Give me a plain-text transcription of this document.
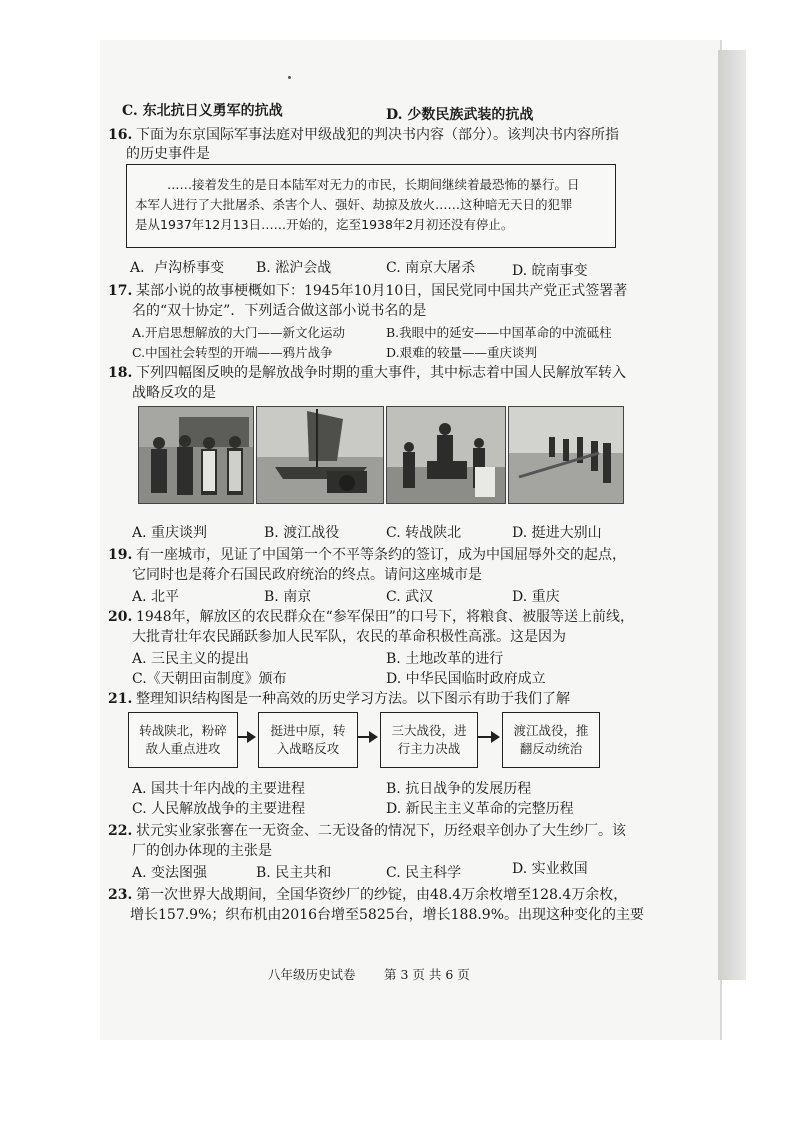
C. 东北抗日义勇军的抗战	D. 少数民族武装的抗战
16. 下面为东京国际军事法庭对甲级战犯的判决书内容（部分）。该判决书内容所指
的历史事件是
……接着发生的是日本陆军对无力的市民，长期间继续着最恐怖的暴行。日
本军人进行了大批屠杀、杀害个人、强奸、劫掠及放火……这种暗无天日的犯罪
是从1937年12月13日……开始的，迄至1938年2月初还没有停止。
A．卢沟桥事变 B. 淞沪会战	C. 南京大屠杀	D. 皖南事变
17. 某部小说的故事梗概如下：1945年10月10日，国民党同中国共产党正式签署著
名的“双十协定”．下列适合做这部小说书名的是
A.开启思想解放的大门——新文化运动	B.我眼中的延安——中国革命的中流砥柱
C.中国社会转型的开端——鸦片战争	D.艰难的较量——重庆谈判
18. 下列四幅图反映的是解放战争时期的重大事件，其中标志着中国人民解放军转入
战略反攻的是
A. 重庆谈判	B. 渡江战役	C. 转战陕北	D. 挺进大别山
19. 有一座城市，见证了中国第一个不平等条约的签订，成为中国屈辱外交的起点，
它同时也是蒋介石国民政府统治的终点。请问这座城市是
A. 北平	B. 南京	C. 武汉	D. 重庆
20. 1948年，解放区的农民群众在“参军保田”的口号下，将粮食、被服等送上前线，
大批青壮年农民踊跃参加人民军队，农民的革命积极性高涨。这是因为
A. 三民主义的提出	B. 土地改革的进行
C.《天朝田亩制度》颁布	D. 中华民国临时政府成立
21. 整理知识结构图是一种高效的历史学习方法。以下图示有助于我们了解
转战陕北，粉碎
敌人重点进攻
挺进中原，转
入战略反攻
三大战役，进
行主力决战
渡江战役，推
翻反动统治
A. 国共十年内战的主要进程	B. 抗日战争的发展历程
C. 人民解放战争的主要进程	D. 新民主主义革命的完整历程
22. 状元实业家张謇在一无资金、二无设备的情况下，历经艰辛创办了大生纱厂。该
厂的创办体现的主张是
A. 变法图强	B. 民主共和	C. 民主科学	D. 实业救国
23. 第一次世界大战期间，全国华资纱厂的纱锭，由48.4万余枚增至128.4万余枚，
增长157.9%；织布机由2016台增至5825台，增长188.9%。出现这种变化的主要
八年级历史试卷 第 3 页 共 6 页
